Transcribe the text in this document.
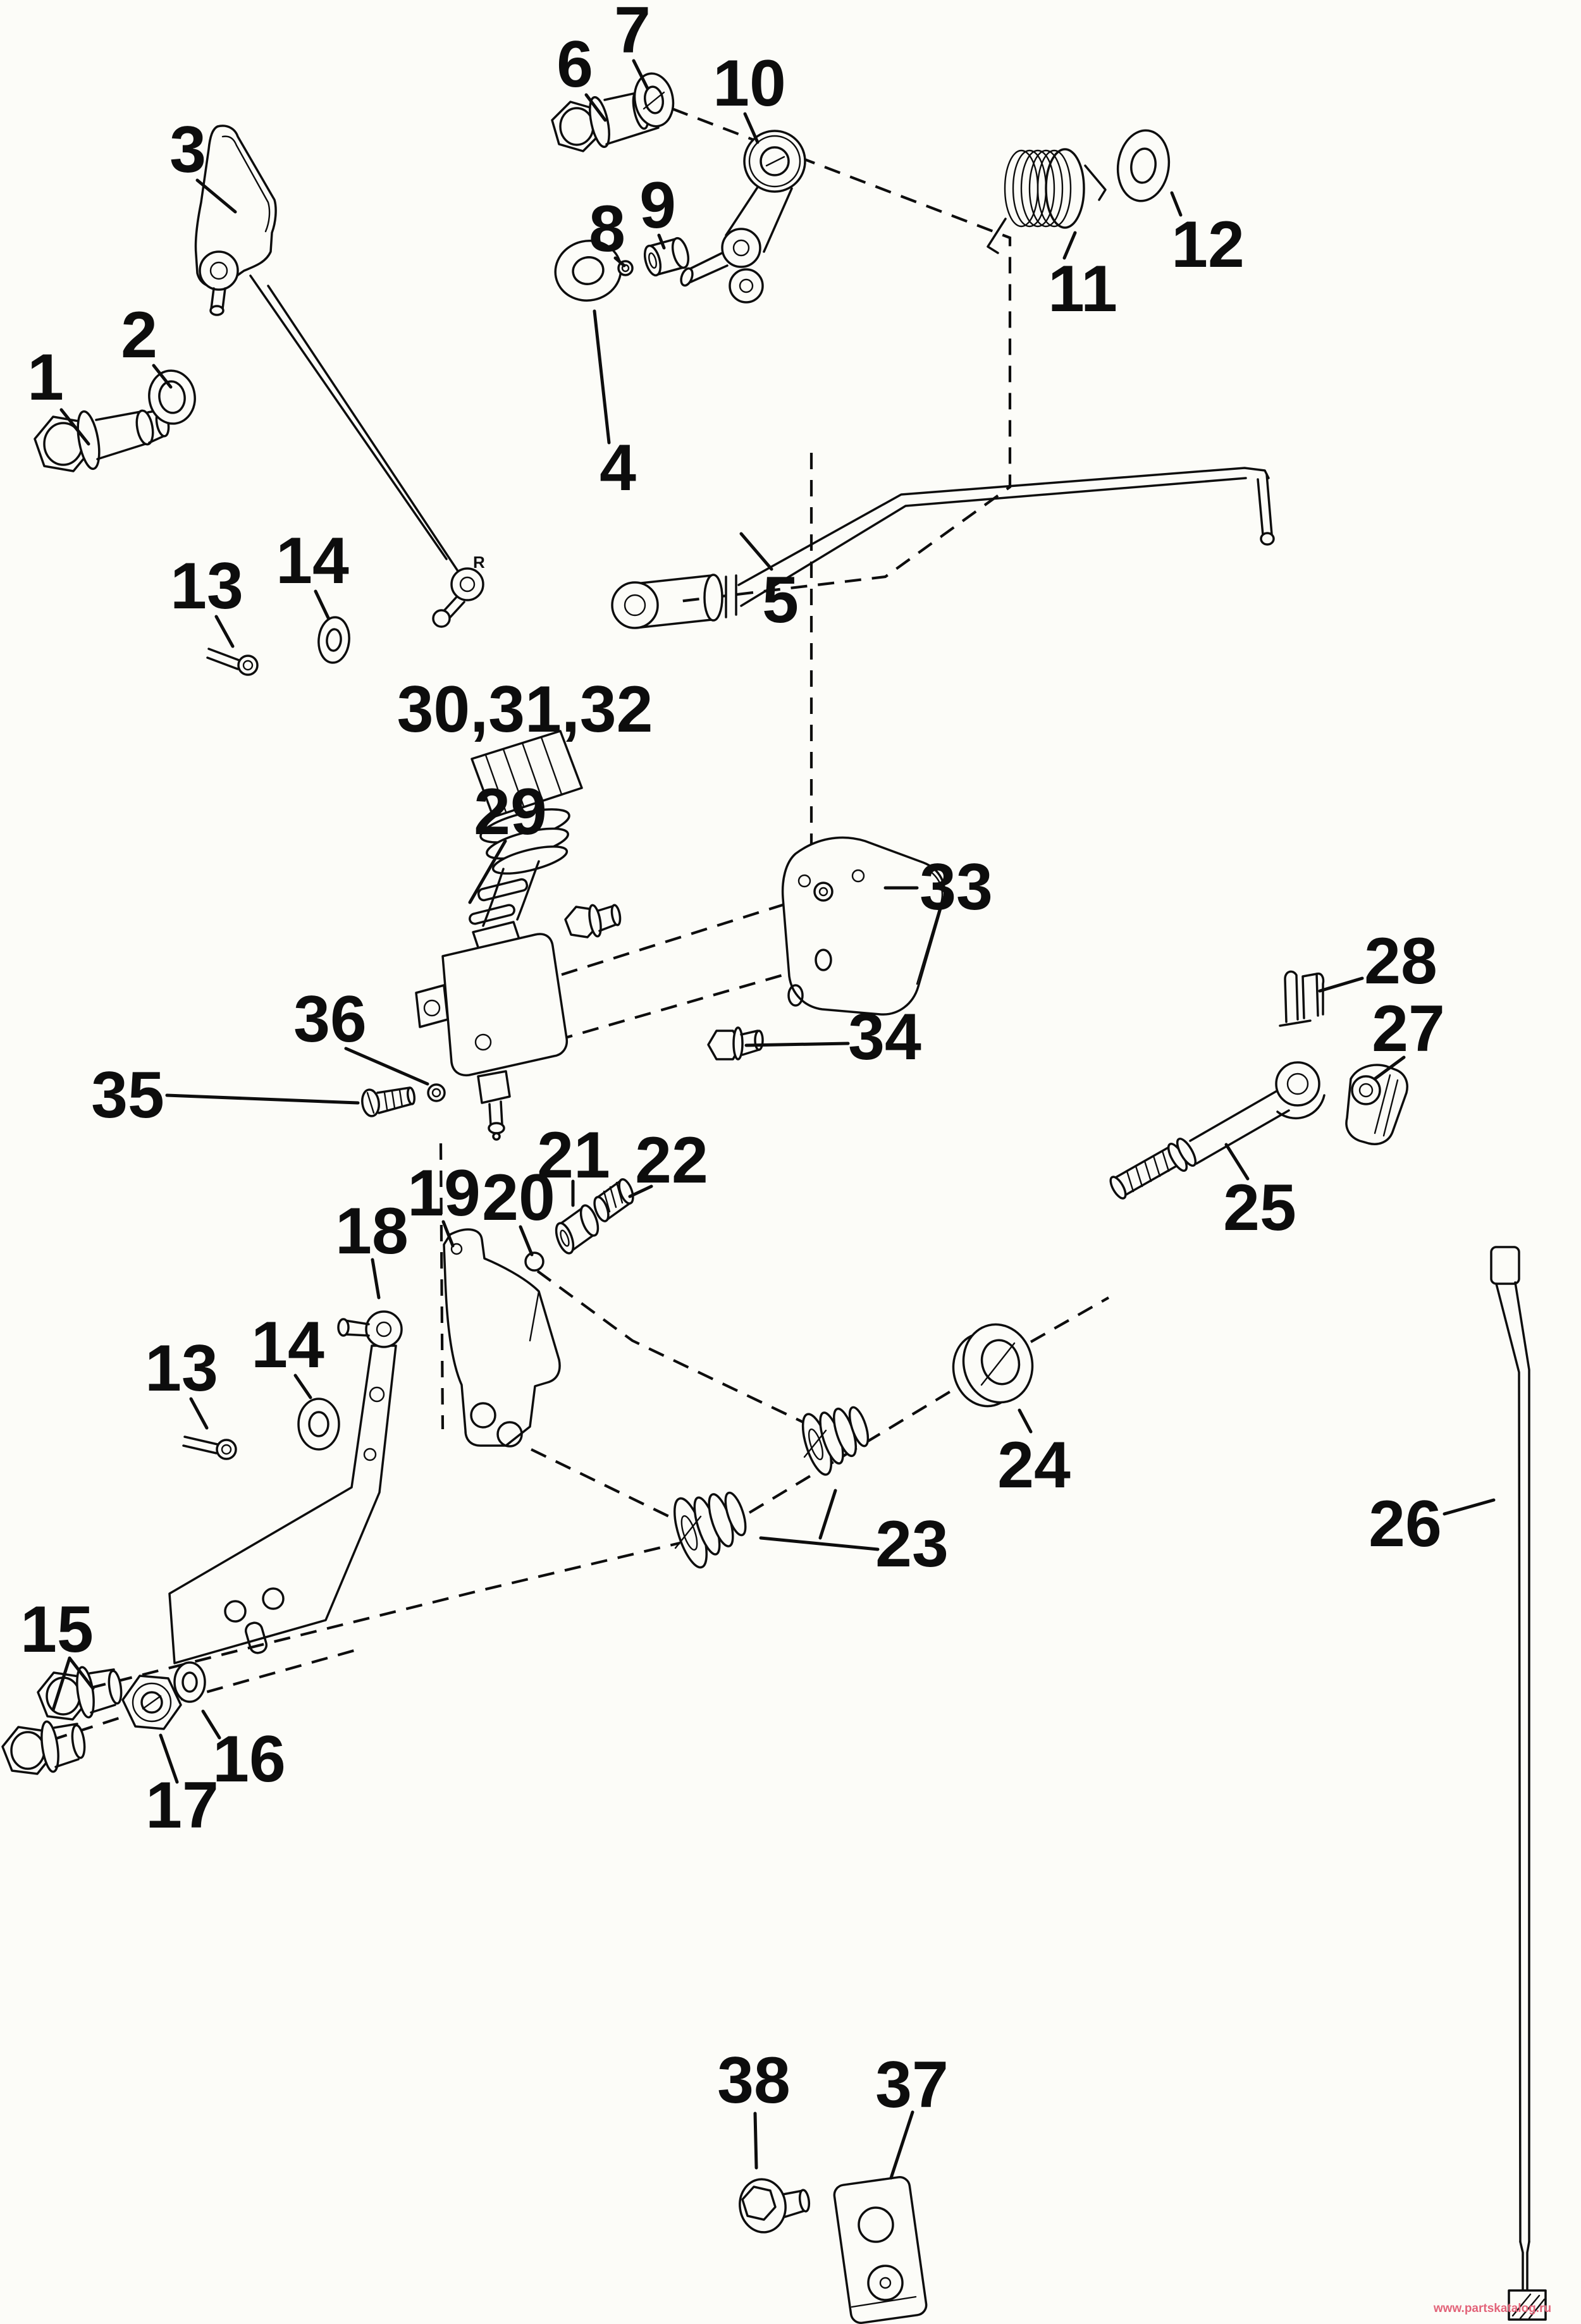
R
1
2
3
4
5
6 7
8 9
10
11
12
13 14
13 14
15
16
17
18
19 20
21 22
23
24
25
26
27
28
29
30,31,32
33
34
35
36
37
38
www.partskatalog.ru
